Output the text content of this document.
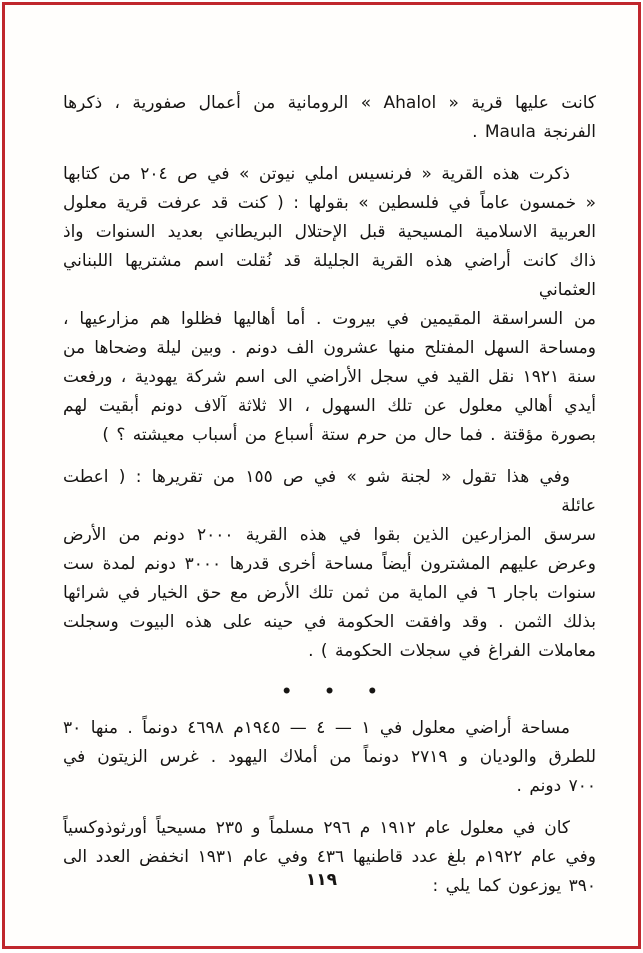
كانت عليها قرية « Ahalol » الرومانية من أعمال صفورية ، ذكرها
الفرنجة Maula .
ذكرت هذه القرية « فرنسيس املي نيوتن » في ص ٢٠٤ من كتابها
« خمسون عاماً في فلسطين » بقولها : ( كنت قد عرفت قرية معلول
العربية الاسلامية المسيحية قبل الإحتلال البريطاني بعديد السنوات واذ
ذاك كانت أراضي هذه القرية الجليلة قد نُقلت اسم مشتريها اللبناني العثماني
من السراسقة المقيمين في بيروت . أما أهاليها فظلوا هم مزارعيها ،
ومساحة السهل المفتلح منها عشرون الف دونم . وبين ليلة وضحاها من
سنة ١٩٢١ نقل القيد في سجل الأراضي الى اسم شركة يهودية ، ورفعت
أيدي أهالي معلول عن تلك السهول ، الا ثلاثة آلاف دونم أبقيت لهم
بصورة مؤقتة . فما حال من حرم ستة أسباع من أسباب معيشته ؟ )
وفي هذا تقول « لجنة شو » في ص ١٥٥ من تقريرها : ( اعطت عائلة
سرسق المزارعين الذين بقوا في هذه القرية ٢٠٠٠ دونم من الأرض
وعرض عليهم المشترون أيضاً مساحة أخرى قدرها ٣٠٠٠ دونم لمدة ست
سنوات باجار ٦ في الماية من ثمن تلك الأرض مع حق الخيار في شرائها
بذلك الثمن . وقد وافقت الحكومة في حينه على هذه البيوت وسجلت
معاملات الفراغ في سجلات الحكومة ) .
• • •
مساحة أراضي معلول في ١ — ٤ — ١٩٤٥م ٤٦٩٨ دونماً . منها ٣٠
للطرق والوديان و ٢٧١٩ دونماً من أملاك اليهود . غرس الزيتون في
٧٠٠ دونم .
كان في معلول عام ١٩١٢ م ٢٩٦ مسلماً و ٢٣٥ مسيحياً أورثوذوكسياً
وفي عام ١٩٢٢م بلغ عدد قاطنيها ٤٣٦ وفي عام ١٩٣١ انخفض العدد الى
٣٩٠ يوزعون كما يلي :
١١٩
